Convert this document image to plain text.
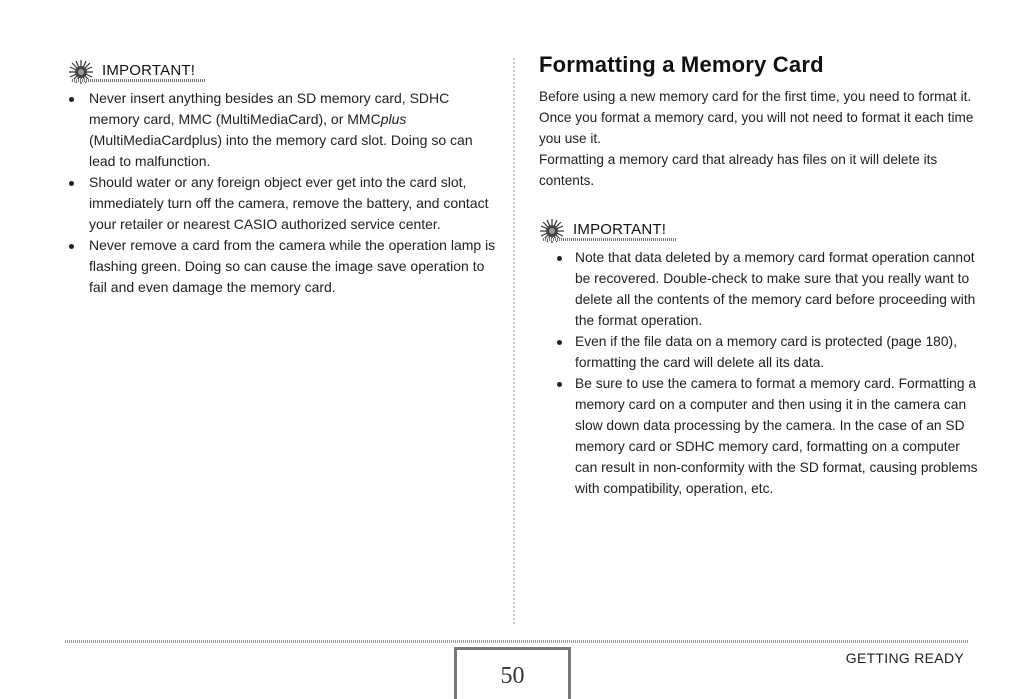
IMPORTANT!
Never insert anything besides an SD memory card, SDHC memory card, MMC (MultiMediaCard), or MMCplus (MultiMediaCardplus) into the memory card slot. Doing so can lead to malfunction.
Should water or any foreign object ever get into the card slot, immediately turn off the camera, remove the battery, and contact your retailer or nearest CASIO authorized service center.
Never remove a card from the camera while the operation lamp is flashing green. Doing so can cause the image save operation to fail and even damage the memory card.
Formatting a Memory Card

Before using a new memory card for the first time, you need to format it. Once you format a memory card, you will not need to format it each time you use it.

Formatting a memory card that already has files on it will delete its contents.

IMPORTANT!
Note that data deleted by a memory card format operation cannot be recovered. Double-check to make sure that you really want to delete all the contents of the memory card before proceeding with the format operation.
Even if the file data on a memory card is protected (page 180), formatting the card will delete all its data.
Be sure to use the camera to format a memory card. Formatting a memory card on a computer and then using it in the camera can slow down data processing by the camera. In the case of an SD memory card or SDHC memory card, formatting on a computer can result in non-conformity with the SD format, causing problems with compatibility, operation, etc.
50
GETTING READY
